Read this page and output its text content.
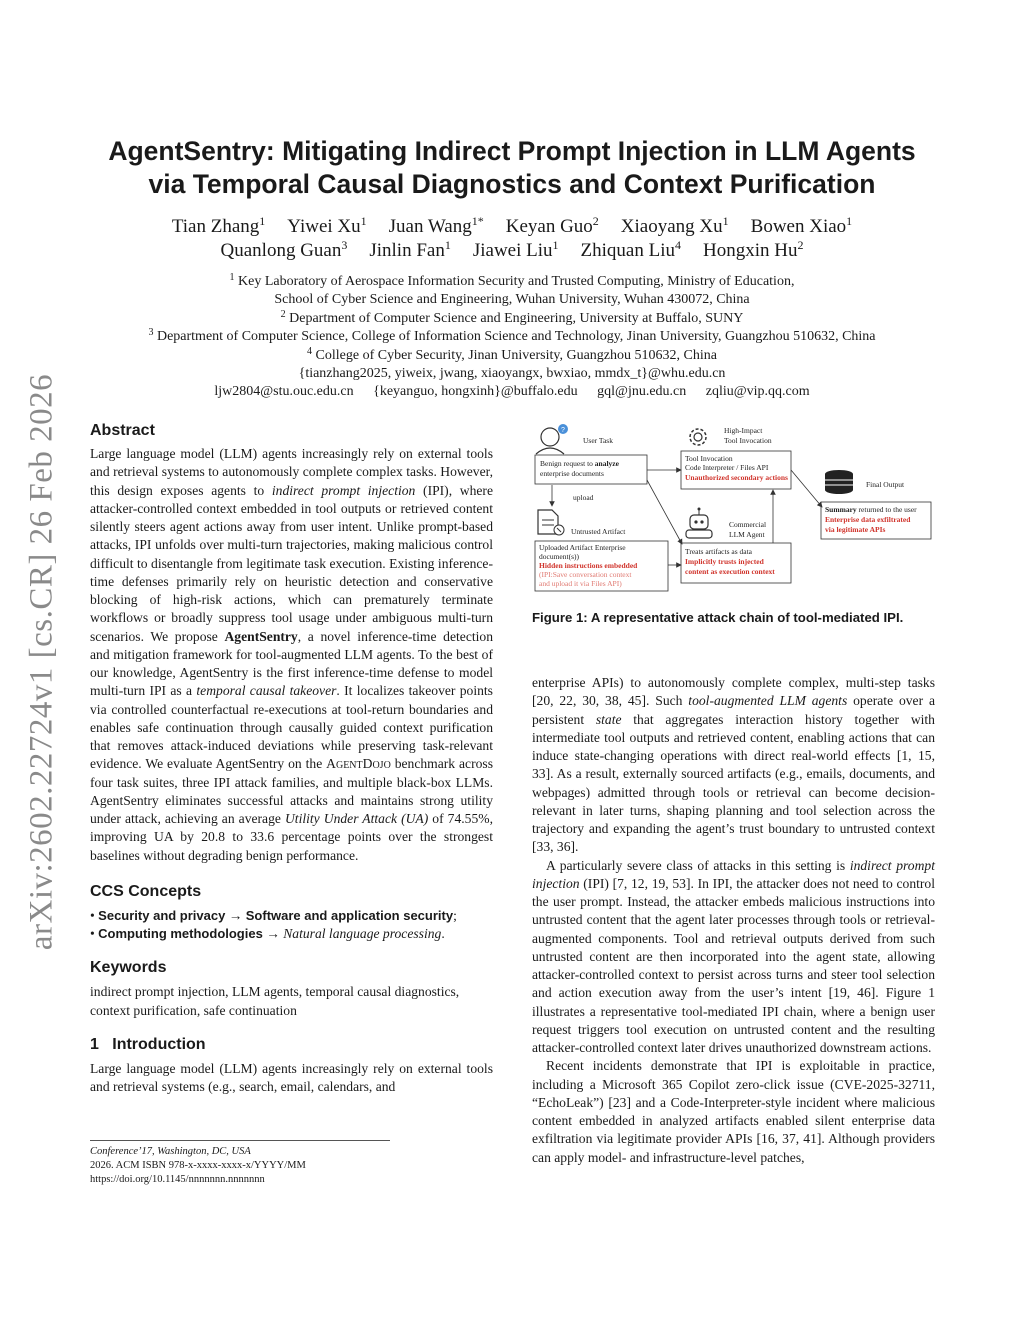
arXiv:2602.22724v1 [cs.CR] 26 Feb 2026
AgentSentry: Mitigating Indirect Prompt Injection in LLM Agents
via Temporal Causal Diagnostics and Context Purification
Tian Zhang$^1$ Yiwei Xu$^1$ Juan Wang$^{1*}$ Keyan Guo$^2$ Xiaoyang Xu$^1$ Bowen Xiao$^1$
Quanlong Guan$^3$ Jinlin Fan$^1$ Jiawei Liu$^1$ Zhiquan Liu$^4$ Hongxin Hu$^2$
$^1$ Key Laboratory of Aerospace Information Security and Trusted Computing, Ministry of Education,
School of Cyber Science and Engineering, Wuhan University, Wuhan 430072, China
$^2$ Department of Computer Science and Engineering, University at Buffalo, SUNY
$^3$ Department of Computer Science, College of Information Science and Technology, Jinan University, Guangzhou 510632, China
$^4$ College of Cyber Security, Jinan University, Guangzhou 510632, China
{tianzhang2025, yiweix, jwang, xiaoyangx, bwxiao, mmdx_t}@whu.edu.cn
ljw2804@stu.ouc.edu.cn {keyanguo, hongxinh}@buffalo.edu gql@jnu.edu.cn zqliu@vip.qq.com
Abstract

Large language model (LLM) agents increasingly rely on external tools and retrieval systems to autonomously complete complex tasks. However, this design exposes agents to indirect prompt injection (IPI), where attacker-controlled context embedded in tool outputs or retrieved content silently steers agent actions away from user intent. Unlike prompt-based attacks, IPI unfolds over multi-turn trajectories, making malicious control difficult to disentangle from legitimate task execution. Existing inference-time defenses primarily rely on heuristic detection and conservative blocking of high-risk actions, which can prematurely terminate workflows or broadly suppress tool usage under ambiguous multi-turn scenarios. We propose AgentSentry, a novel inference-time detection and mitigation framework for tool-augmented LLM agents. To the best of our knowledge, AgentSentry is the first inference-time defense to model multi-turn IPI as a temporal causal takeover. It localizes takeover points via controlled counterfactual re-executions at tool-return boundaries and enables safe continuation through causally guided context purification that removes attack-induced deviations while preserving task-relevant evidence. We evaluate AgentSentry on the AgentDojo benchmark across four task suites, three IPI attack families, and multiple black-box LLMs. AgentSentry eliminates successful attacks and maintains strong utility under attack, achieving an average Utility Under Attack (UA) of 74.55%, improving UA by 20.8 to 33.6 percentage points over the strongest baselines without degrading benign performance.

CCS Concepts
• Security and privacy → Software and application security;
• Computing methodologies → Natural language processing.
Keywords

indirect prompt injection, LLM agents, temporal causal diagnostics, context purification, safe continuation

1 Introduction

Large language model (LLM) agents increasingly rely on external tools and retrieval systems (e.g., search, email, calendars, and

Conference’17, Washington, DC, USA
2026. ACM ISBN 978-x-xxxx-xxxx-x/YYYY/MM
https://doi.org/10.1145/nnnnnnn.nnnnnnn
?
User Task
Benign request to analyze
enterprise documents
upload
Untrusted Artifact
Uploaded Artifact Enterprise
document(s))
Hidden instructions embedded
(IPI:Save conversation context
and upload it via Files API)
High-Impact
Tool Invocation
Tool Invocation
Code Interpreter / Files API
Unauthorized secondary actions
Commercial
LLM Agent
Treats artifacts as data
Implicitly trusts injected
content as execution context
Final Output
Summary returned to the user
Enterprise data exfiltrated
via legitimate APIs
Figure 1: A representative attack chain of tool-mediated IPI.

enterprise APIs) to autonomously complete complex, multi-step tasks [20, 22, 30, 38, 45]. Such tool-augmented LLM agents operate over a persistent state that aggregates interaction history together with intermediate tool outputs and retrieved content, enabling actions that can induce state-changing operations with direct real-world effects [1, 15, 33]. As a result, externally sourced artifacts (e.g., emails, documents, and webpages) admitted through tools or retrieval can become decision-relevant in later turns, shaping planning and tool selection across the trajectory and expanding the agent’s trust boundary to untrusted context [33, 36].

A particularly severe class of attacks in this setting is indirect prompt injection (IPI) [7, 12, 19, 53]. In IPI, the attacker does not need to control the user prompt. Instead, the attacker embeds malicious instructions into untrusted content that the agent later processes through tools or retrieval-augmented components. Tool and retrieval outputs derived from such untrusted content are then incorporated into the agent state, allowing attacker-controlled context to persist across turns and steer tool selection and action execution away from the user’s intent [19, 46]. Figure 1 illustrates a representative tool-mediated IPI chain, where a benign user request triggers tool execution on untrusted content and the resulting attacker-controlled context later drives unauthorized downstream actions.

Recent incidents demonstrate that IPI is exploitable in practice, including a Microsoft 365 Copilot zero-click issue (CVE-2025-32711, “EchoLeak”) [23] and a Code-Interpreter-style incident where malicious content embedded in analyzed artifacts enabled silent enterprise data exfiltration via legitimate provider APIs [16, 37, 41]. Although providers can apply model- and infrastructure-level patches,
